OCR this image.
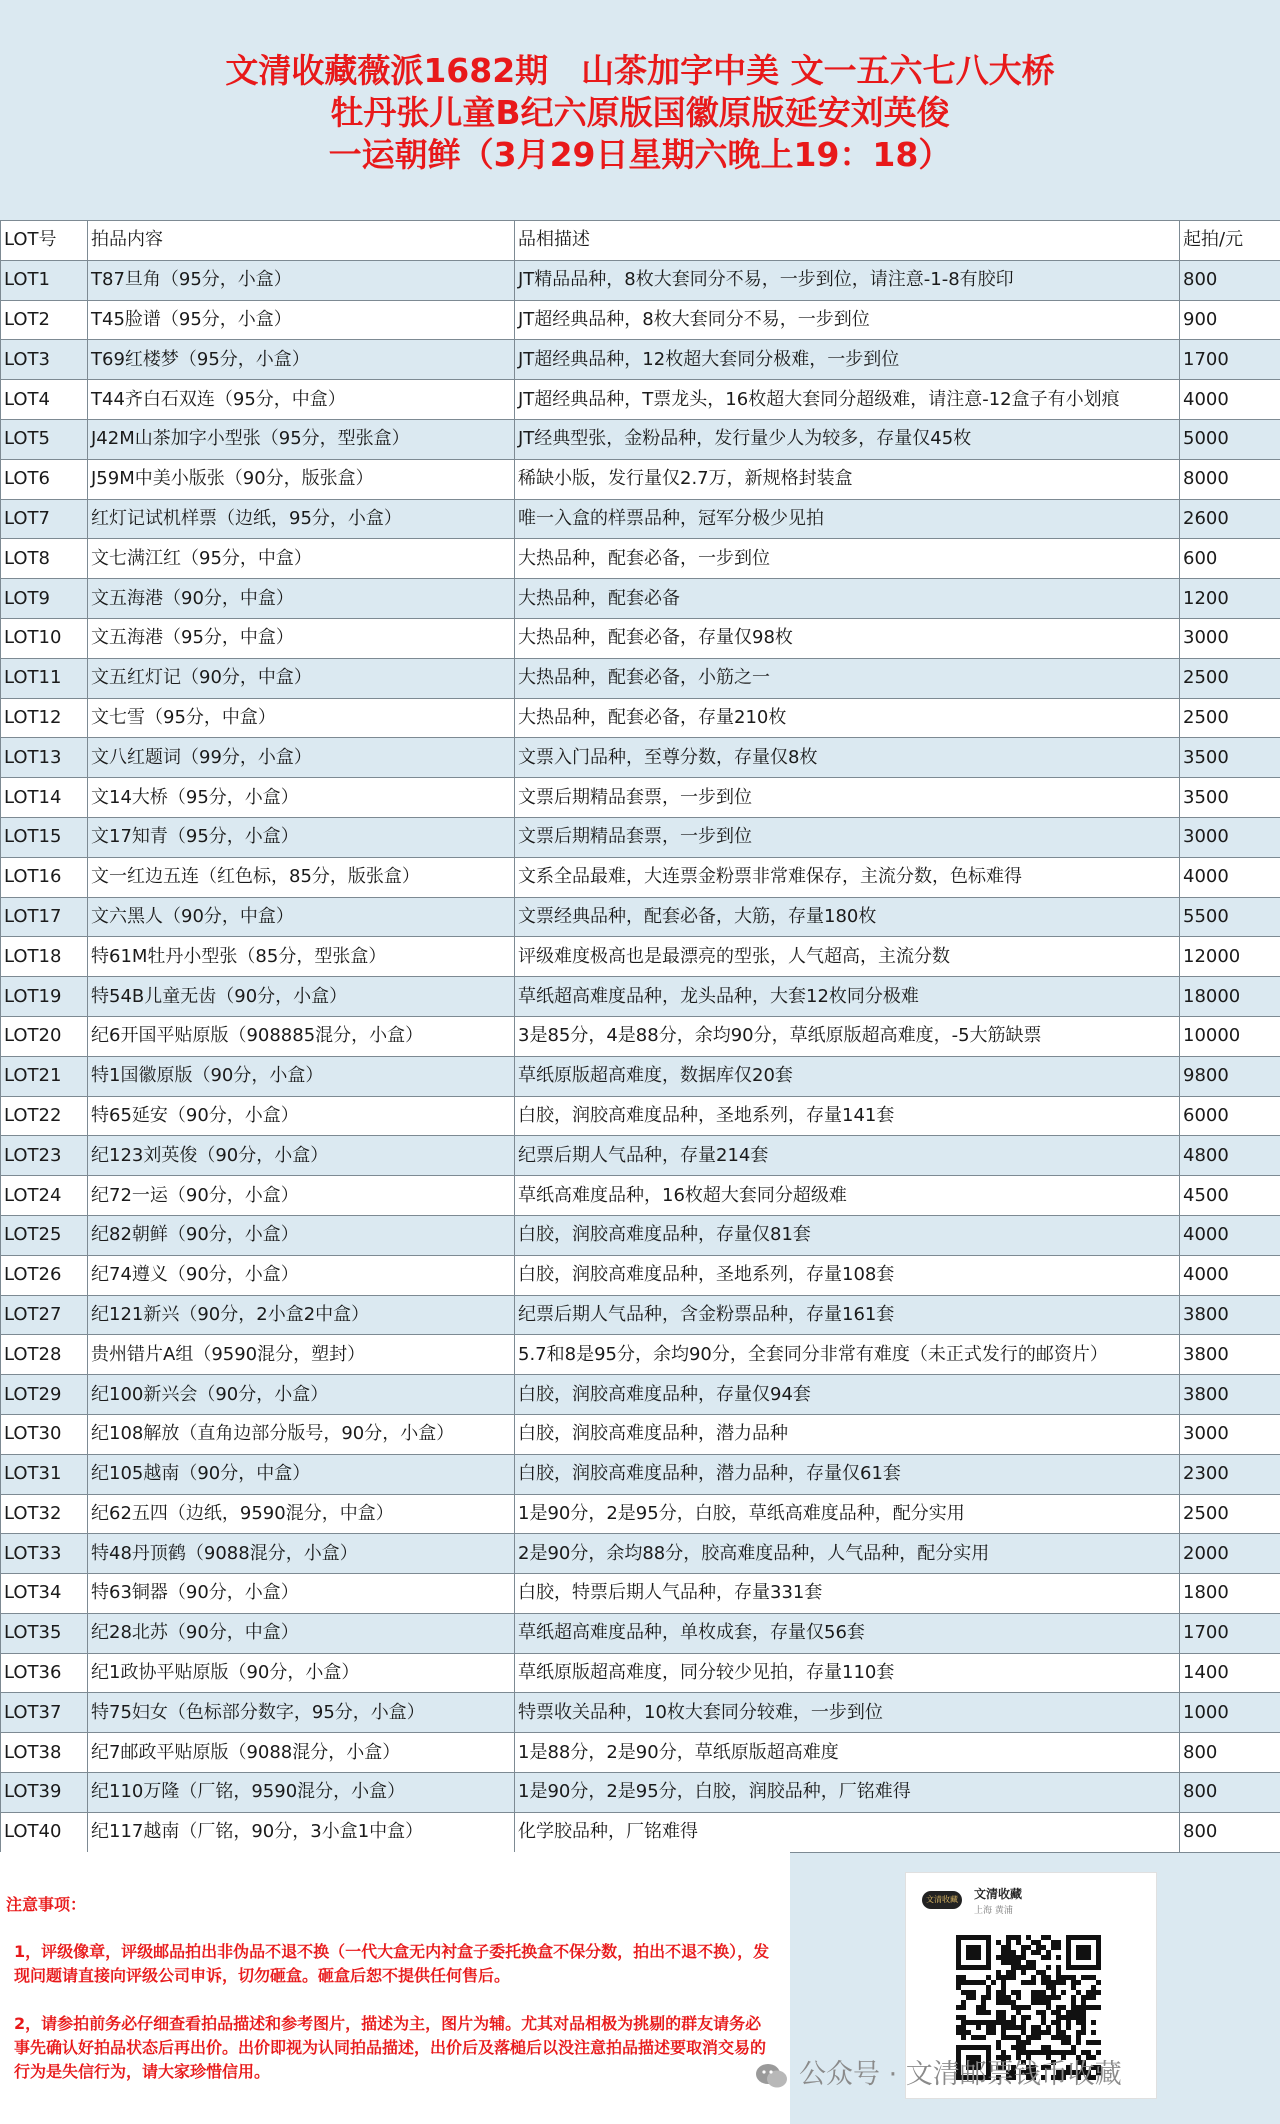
文清收藏薇派1682期　山茶加字中美 文一五六七八大桥
牡丹张儿童B纪六原版国徽原版延安刘英俊
一运朝鲜（3月29日星期六晚上19：18）
LOT号	拍品内容	品相描述	起拍/元
LOT1	T87旦角（95分，小盒）	JT精品品种，8枚大套同分不易，一步到位，请注意-1-8有胶印	800
LOT2	T45脸谱（95分，小盒）	JT超经典品种，8枚大套同分不易，一步到位	900
LOT3	T69红楼梦（95分，小盒）	JT超经典品种，12枚超大套同分极难，一步到位	1700
LOT4	T44齐白石双连（95分，中盒）	JT超经典品种，T票龙头，16枚超大套同分超级难，请注意-12盒子有小划痕	4000
LOT5	J42M山茶加字小型张（95分，型张盒）	JT经典型张，金粉品种，发行量少人为较多，存量仅45枚	5000
LOT6	J59M中美小版张（90分，版张盒）	稀缺小版，发行量仅2.7万，新规格封装盒	8000
LOT7	红灯记试机样票（边纸，95分，小盒）	唯一入盒的样票品种，冠军分极少见拍	2600
LOT8	文七满江红（95分，中盒）	大热品种，配套必备，一步到位	600
LOT9	文五海港（90分，中盒）	大热品种，配套必备	1200
LOT10	文五海港（95分，中盒）	大热品种，配套必备，存量仅98枚	3000
LOT11	文五红灯记（90分，中盒）	大热品种，配套必备，小筋之一	2500
LOT12	文七雪（95分，中盒）	大热品种，配套必备，存量210枚	2500
LOT13	文八红题词（99分，小盒）	文票入门品种，至尊分数，存量仅8枚	3500
LOT14	文14大桥（95分，小盒）	文票后期精品套票，一步到位	3500
LOT15	文17知青（95分，小盒）	文票后期精品套票，一步到位	3000
LOT16	文一红边五连（红色标，85分，版张盒）	文系全品最难，大连票金粉票非常难保存，主流分数，色标难得	4000
LOT17	文六黑人（90分，中盒）	文票经典品种，配套必备，大筋，存量180枚	5500
LOT18	特61M牡丹小型张（85分，型张盒）	评级难度极高也是最漂亮的型张，人气超高，主流分数	12000
LOT19	特54B儿童无齿（90分，小盒）	草纸超高难度品种，龙头品种，大套12枚同分极难	18000
LOT20	纪6开国平贴原版（908885混分，小盒）	3是85分，4是88分，余均90分，草纸原版超高难度，-5大筋缺票	10000
LOT21	特1国徽原版（90分，小盒）	草纸原版超高难度，数据库仅20套	9800
LOT22	特65延安（90分，小盒）	白胶，润胶高难度品种，圣地系列，存量141套	6000
LOT23	纪123刘英俊（90分，小盒）	纪票后期人气品种，存量214套	4800
LOT24	纪72一运（90分，小盒）	草纸高难度品种，16枚超大套同分超级难	4500
LOT25	纪82朝鲜（90分，小盒）	白胶，润胶高难度品种，存量仅81套	4000
LOT26	纪74遵义（90分，小盒）	白胶，润胶高难度品种，圣地系列，存量108套	4000
LOT27	纪121新兴（90分，2小盒2中盒）	纪票后期人气品种，含金粉票品种，存量161套	3800
LOT28	贵州错片A组（9590混分，塑封）	5.7和8是95分，余均90分，全套同分非常有难度（未正式发行的邮资片）	3800
LOT29	纪100新兴会（90分，小盒）	白胶，润胶高难度品种，存量仅94套	3800
LOT30	纪108解放（直角边部分版号，90分，小盒）	白胶，润胶高难度品种，潜力品种	3000
LOT31	纪105越南（90分，中盒）	白胶，润胶高难度品种，潜力品种，存量仅61套	2300
LOT32	纪62五四（边纸，9590混分，中盒）	1是90分，2是95分，白胶，草纸高难度品种，配分实用	2500
LOT33	特48丹顶鹤（9088混分，小盒）	2是90分，余均88分，胶高难度品种，人气品种，配分实用	2000
LOT34	特63铜器（90分，小盒）	白胶，特票后期人气品种，存量331套	1800
LOT35	纪28北苏（90分，中盒）	草纸超高难度品种，单枚成套，存量仅56套	1700
LOT36	纪1政协平贴原版（90分，小盒）	草纸原版超高难度，同分较少见拍，存量110套	1400
LOT37	特75妇女（色标部分数字，95分，小盒）	特票收关品种，10枚大套同分较难，一步到位	1000
LOT38	纪7邮政平贴原版（9088混分，小盒）	1是88分，2是90分，草纸原版超高难度	800
LOT39	纪110万隆（厂铭，9590混分，小盒）	1是90分，2是95分，白胶，润胶品种，厂铭难得	800
LOT40	纪117越南（厂铭，90分，3小盒1中盒）	化学胶品种，厂铭难得	800
注意事项：
1，评级像章，评级邮品拍出非伪品不退不换（一代大盒无内衬盒子委托换盒不保分数，拍出不退不换），发现问题请直接向评级公司申诉，切勿砸盒。砸盒后恕不提供任何售后。
2，请参拍前务必仔细查看拍品描述和参考图片，描述为主，图片为辅。尤其对品相极为挑剔的群友请务必事先确认好拍品状态后再出价。出价即视为认同拍品描述，出价后及落槌后以没注意拍品描述要取消交易的行为是失信行为，请大家珍惜信用。
文清收藏	文清收藏
上海 黄浦
公众号 · 文清邮票钱币收藏
